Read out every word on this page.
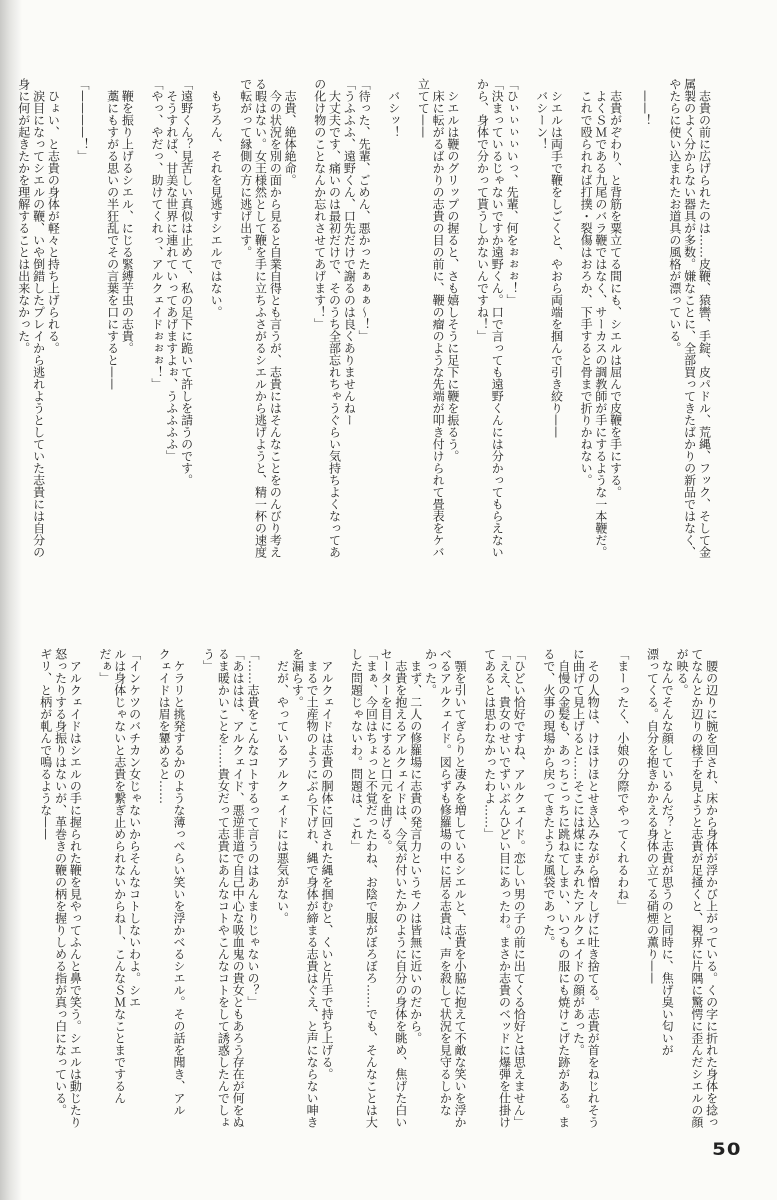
　志貴の前に広げられたのは……皮鞭、猿轡、手錠、皮パドル、荒縄、フック、そして金
属製のよく分からない器具が多数。嫌なことに、全部買ってきたばかりの新品ではなく、
やたらに使い込まれたお道具の風格が漂っている。
　——！
　志貴がぞわり、と背筋を粟立てる間にも、シエルは屈んで皮鞭を手にする。
　よくＳＭである九尾のバラ鞭ではなく、サーカスの調教師が手にするような一本鞭だ。
　これで殴られれば打撲・裂傷はおろか、下手すると骨まで折りかねない。
　シエルは両手で鞭をしごくと、やおら両端を掴んで引き絞り——
　バシーン！
「ひぃぃぃぃいっ、先輩、何をぉぉぉ！」
「決まっているじゃないですか遠野くん。口で言っても遠野くんには分かってもらえない
から、身体で分かって貰うしかないんですね！」
　シエルは鞭のグリップの握ると、さも嬉しそうに足下に鞭を振るう。
　床に転がるばかりの志貴の目の前に、鞭の瘤のような先端が叩き付けられて畳表をケバ
立てて——
　バシッ！
「待った、先輩、ごめん、悪かったぁぁぁ〜！」
「うふふふ、遠野くん、口先だけで謝るのは良くありませんねー
　大丈夫です、痛いのは最初だけで、そのうち全部忘れちゃうぐらい気持ちよくなってあ
の化け物のことなんか忘れさせてあげます！」
　志貴、絶体絶命。
　今の状況を別の面から見ると自業自得とも言うが、志貴にはそんなことをのんびり考え
る暇はない。女王様然として鞭を手に立ちふさがるシエルから逃げようと、精一杯の速度
で転がって縁側の方に逃げ出す。
　もちろん、それを見逃すシエルではない。
「遠野くん？見苦しい真似は止めて、私の足下に跪いて許しを請うのです。
　そうすれば、甘美な世界に連れていってあげますよぉ、うふふふふ」
「やっ、やだっ、助けてくれっ、アルクェイドぉぉぉ！」
　鞭を振り上げるシエル、にじる緊縛芋虫の志貴。
　藁にもすがる思いの半狂乱でその言葉を口にすると——
「————！」
　ひょい、と志貴の身体が軽々と持ち上げられる。
　涙目になってシエルの鞭、いや倒錯したプレイから逃れようとしていた志貴には自分の
身に何が起きたかを理解することは出来なかった。
　腰の辺りに腕を回され、床から身体が浮かび上がっている。くの字に折れた身体を捻っ
てなんとか辺りの様子を見ようと志貴が足掻くと、視界に片隅に驚愕に歪んだシエルの顔
が映る。
　なんでそんな顔しているんだ？と志貴が思うのと同時に、焦げ臭い匂いが
漂ってくる。自分を抱きかかえる身体の立てる硝煙の薫り——
「まーったく、小娘の分際でやってくれるわね」
　その人物は、けほけほとせき込みながら憎々しげに吐き捨てる。志貴が首をねじれそう
に曲げて見上げると……そこには煤にまみれたアルクェイドの顔があった。
　自慢の金髪も、あっちこっちに跳ねてしまい、いつもの服にも焼けこげた跡がある。ま
るで、火事の現場から戻ってきたような風袋であった。
「ひどい恰好ですね、アルクェイド。恋しい男の子の前に出てくる恰好とは思えません」
「ええ、貴女のせいでずいぶんひどい目にあったわ。まさか志貴のベッドに爆弾を仕掛け
てあるとは思わなかったわよ……」
　顎を引いてぎらりと凄みを増しているシエルと、志貴を小脇に抱えて不敵な笑いを浮か
べるアルクェイド。図らずも修羅場の中に居る志貴は、声を殺して状況を見守るしかな
かった。
　まず、二人の修羅場に志貴の発言力というモノは皆無に近いのだから。
　志貴を抱えるアルクェイドは、今気が付いたかのように自分の身体を眺め、焦げた白い
セーターを目にすると口元を曲げる。
「まぁ、今回はちょっと不覚だったわね、お陰で服がぼろぼろ……でも、そんなことは大
した問題じゃないわ。問題は、これ」
　アルクェイドは志貴の胴体に回された縄を掴むと、くいと片手で持ち上げる。
　まるで土産物のようにぶら下げれ、縄で身体が締まる志貴はぐえ、と声にならない呻き
を漏らす。
　だが、やっているアルクェイドには悪気がない。
「……志貴をこんなコトするって言うのはあんまりじゃないの？」
「あははは、アルクェイド、悪逆非道で自己中心な吸血鬼の貴女ともあろう存在が何をぬ
るま暖かいことを……貴女だって志貴にあんなコトやこんなコトをして誘惑したんでしょ
う」
　ケラリと挑発するかのような薄っぺらい笑いを浮かべるシエル。その話を聞き、アル
クェイドは眉を顰めると……
「インケツのバチカン女じゃないからそんなコトしないわよ。シエ
ルは身体じゃないと志貴を繋ぎ止められないからねー、こんなＳＭなことまでするん
だぁ」
　アルクェイドはシエルの手に握られた鞭を見やってふんと鼻で笑う。シエルは動じたり
怒ったりする身振りはないが、革巻きの鞭の柄を握りしめる指が真っ白になっている。
ギリ、と柄が軋んで鳴るような——
50
